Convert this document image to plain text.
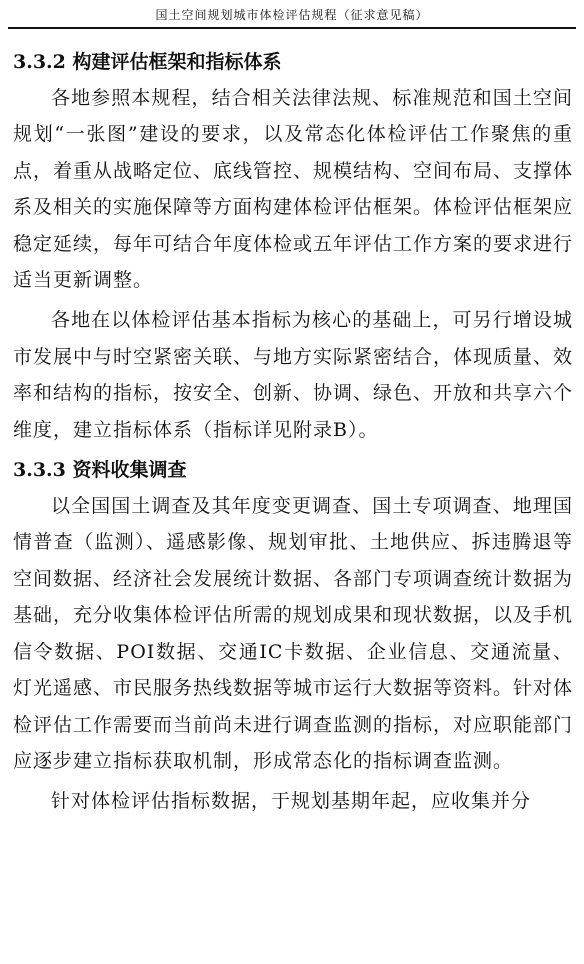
国土空间规划城市体检评估规程（征求意见稿）
3.3.2 构建评估框架和指标体系

各地参照本规程，结合相关法律法规、标准规范和国土空间规划“一张图”建设的要求，以及常态化体检评估工作聚焦的重点，着重从战略定位、底线管控、规模结构、空间布局、支撑体系及相关的实施保障等方面构建体检评估框架。体检评估框架应稳定延续，每年可结合年度体检或五年评估工作方案的要求进行适当更新调整。

各地在以体检评估基本指标为核心的基础上，可另行增设城市发展中与时空紧密关联、与地方实际紧密结合，体现质量、效率和结构的指标，按安全、创新、协调、绿色、开放和共享六个维度，建立指标体系（指标详见附录B）。

3.3.3 资料收集调查

以全国国土调查及其年度变更调查、国土专项调查、地理国情普查（监测）、遥感影像、规划审批、土地供应、拆违腾退等空间数据、经济社会发展统计数据、各部门专项调查统计数据为基础，充分收集体检评估所需的规划成果和现状数据，以及手机信令数据、POI数据、交通IC卡数据、企业信息、交通流量、灯光遥感、市民服务热线数据等城市运行大数据等资料。针对体检评估工作需要而当前尚未进行调查监测的指标，对应职能部门应逐步建立指标获取机制，形成常态化的指标调查监测。

针对体检评估指标数据，于规划基期年起，应收集并分
